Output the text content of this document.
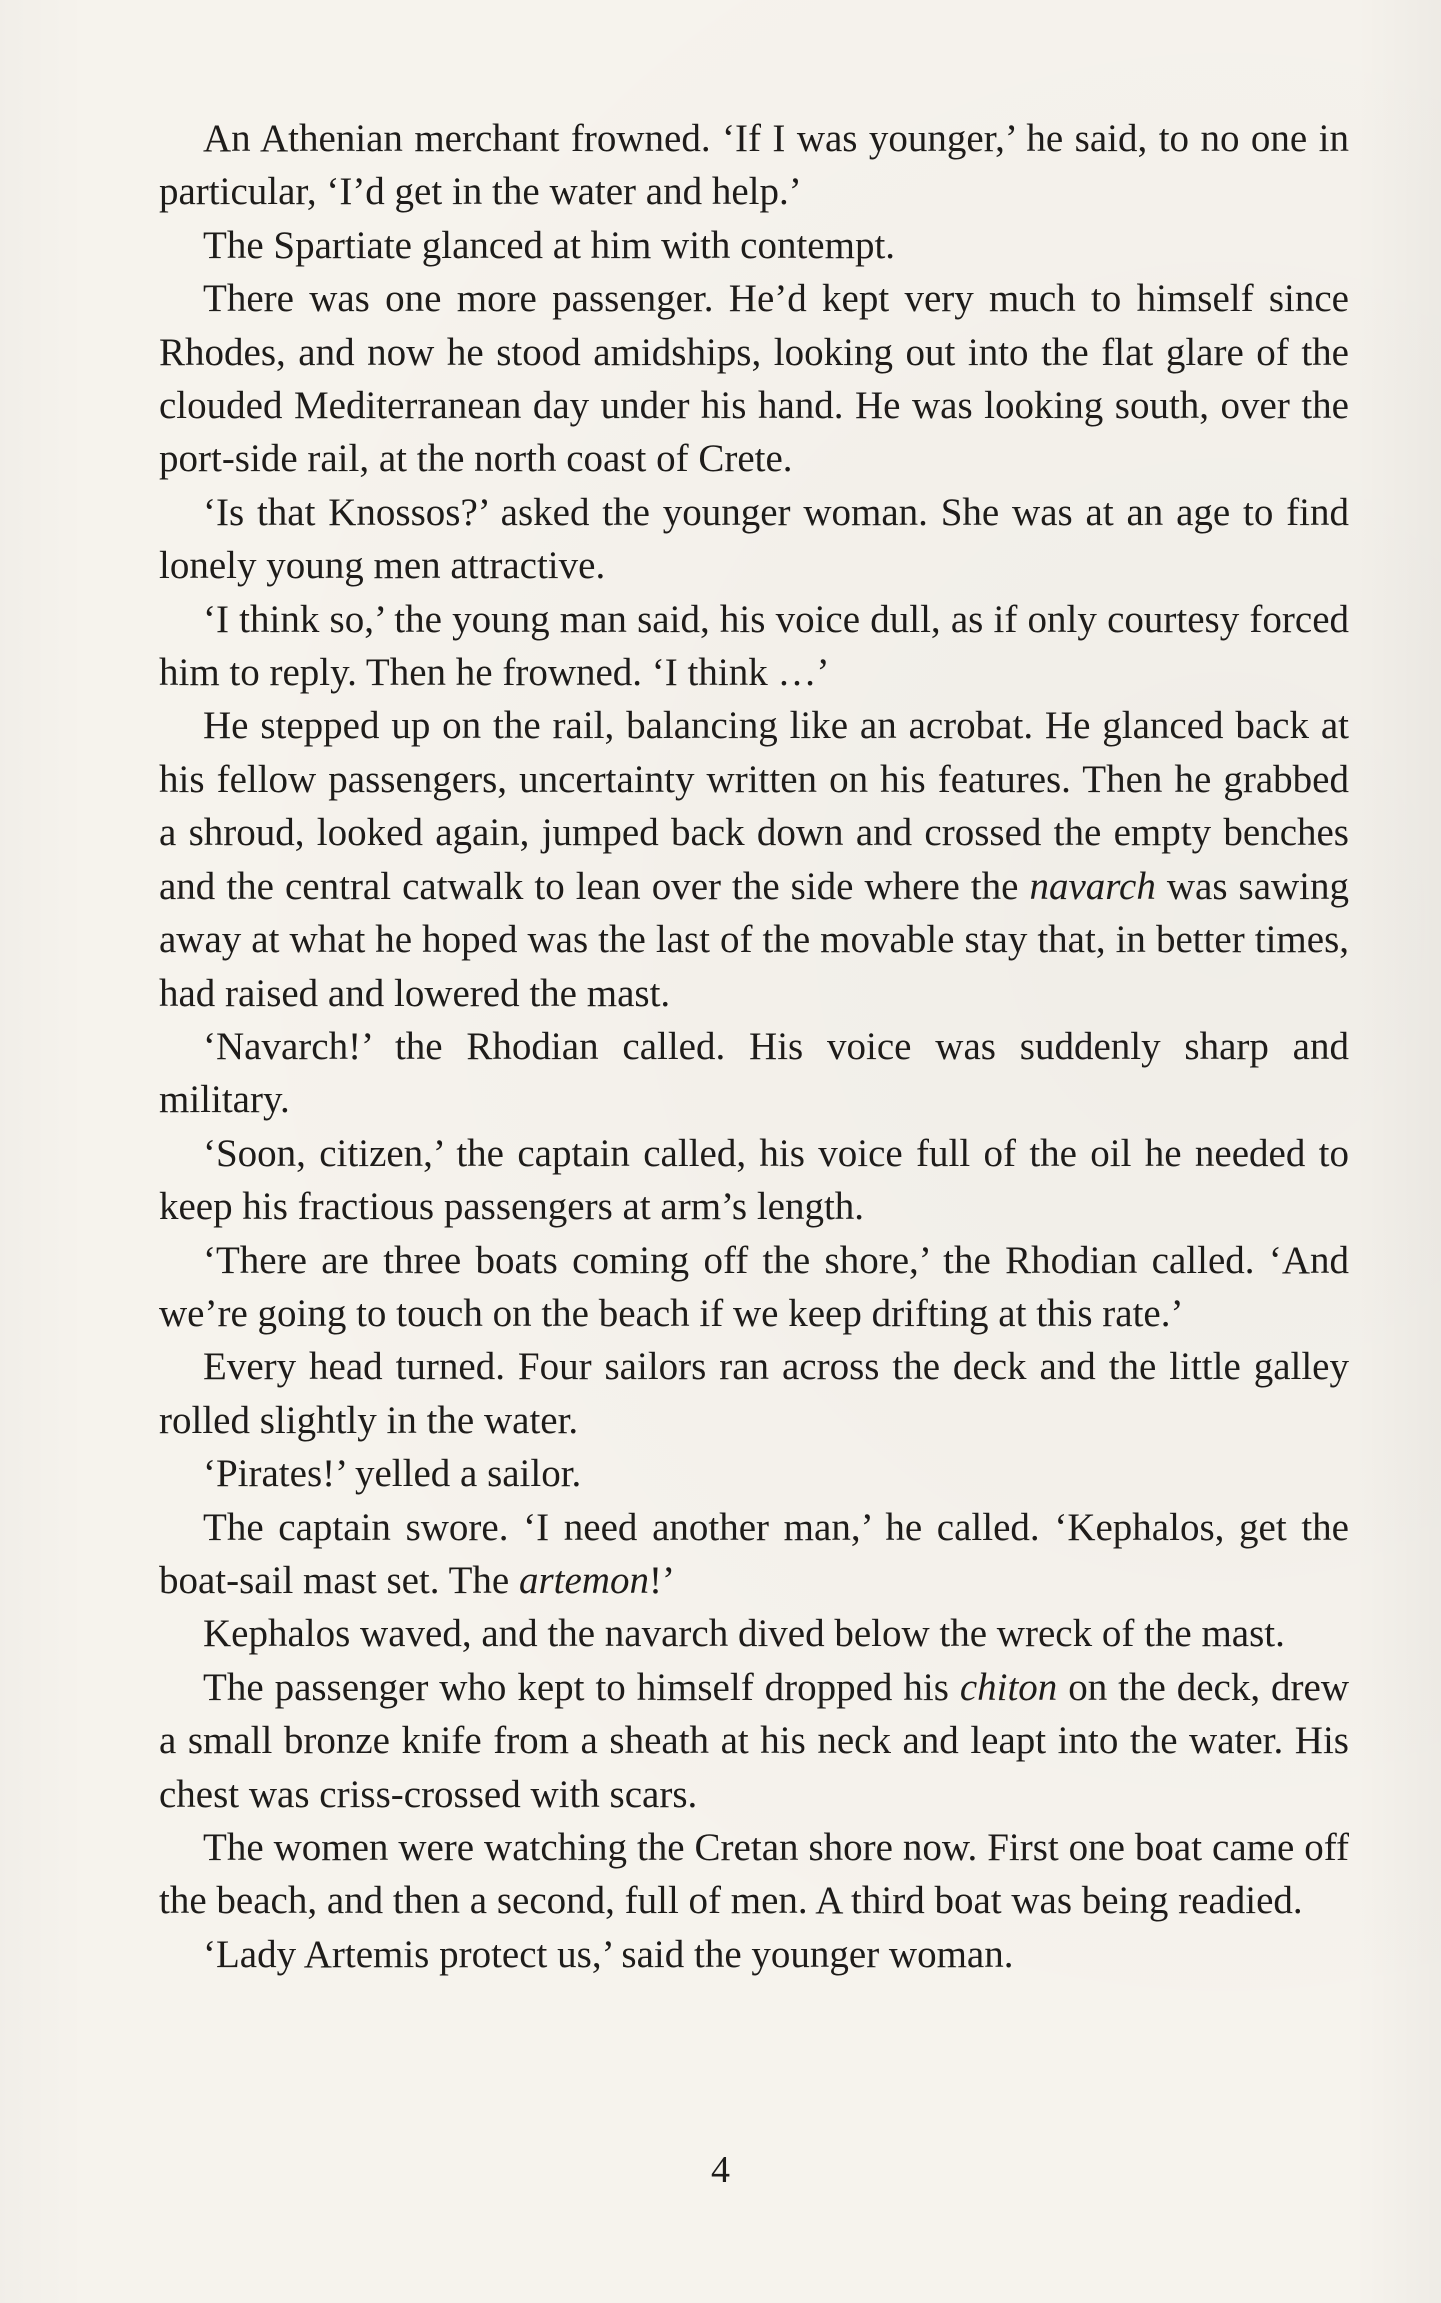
An Athenian merchant frowned. ‘If I was younger,’ he said, to no one in particular, ‘I’d get in the water and help.’

The Spartiate glanced at him with contempt.

There was one more passenger. He’d kept very much to himself since Rhodes, and now he stood amidships, looking out into the flat glare of the clouded Mediterranean day under his hand. He was looking south, over the port-side rail, at the north coast of Crete.

‘Is that Knossos?’ asked the younger woman. She was at an age to find lonely young men attractive.

‘I think so,’ the young man said, his voice dull, as if only courtesy forced him to reply. Then he frowned. ‘I think …’

He stepped up on the rail, balancing like an acrobat. He glanced back at his fellow passengers, uncertainty written on his features. Then he grabbed a shroud, looked again, jumped back down and crossed the empty benches and the central catwalk to lean over the side where the navarch was sawing away at what he hoped was the last of the movable stay that, in better times, had raised and lowered the mast.

‘Navarch!’ the Rhodian called. His voice was suddenly sharp and military.

‘Soon, citizen,’ the captain called, his voice full of the oil he needed to keep his fractious passengers at arm’s length.

‘There are three boats coming off the shore,’ the Rhodian called. ‘And we’re going to touch on the beach if we keep drifting at this rate.’

Every head turned. Four sailors ran across the deck and the little galley rolled slightly in the water.

‘Pirates!’ yelled a sailor.

The captain swore. ‘I need another man,’ he called. ‘Kephalos, get the boat-sail mast set. The artemon!’

Kephalos waved, and the navarch dived below the wreck of the mast.

The passenger who kept to himself dropped his chiton on the deck, drew a small bronze knife from a sheath at his neck and leapt into the water. His chest was criss-crossed with scars.

The women were watching the Cretan shore now. First one boat came off the beach, and then a second, full of men. A third boat was being readied.

‘Lady Artemis protect us,’ said the younger woman.

4
